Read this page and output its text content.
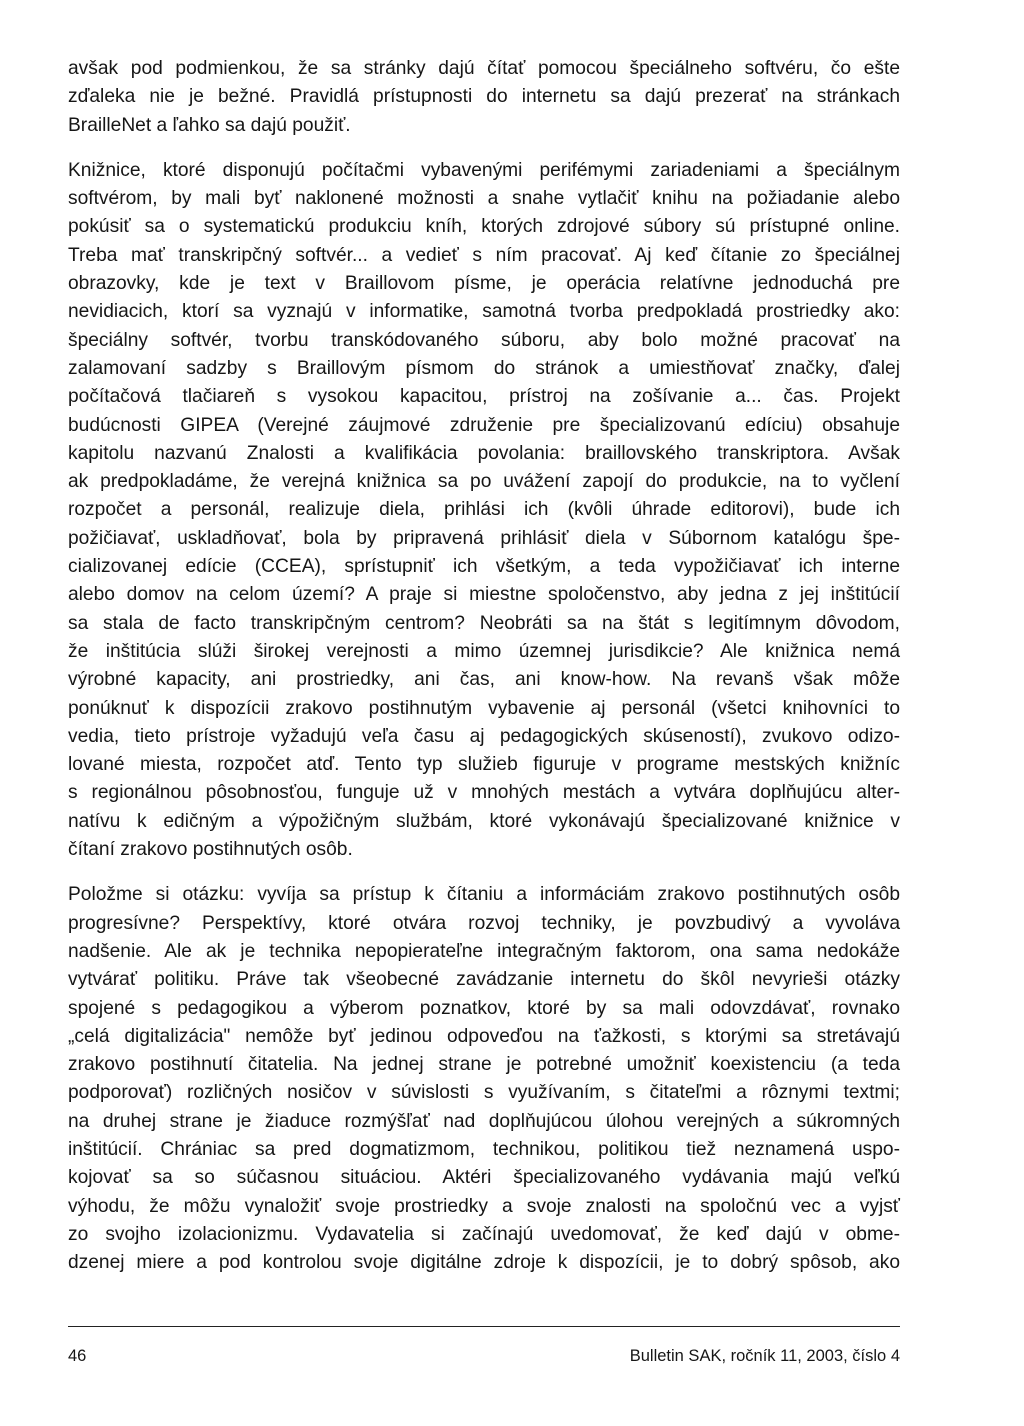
avšak pod podmienkou, že sa stránky dajú čítať pomocou špeciálneho softvéru, čo ešte
zďaleka nie je bežné. Pravidlá prístupnosti do internetu sa dajú prezerať na stránkach
BrailleNet a ľahko sa dajú použiť.

Knižnice, ktoré disponujú počítačmi vybavenými perifémymi zariadeniami a špeciálnym
softvérom, by mali byť naklonené možnosti a snahe vytlačiť knihu na požiadanie alebo
pokúsiť sa o systematickú produkciu kníh, ktorých zdrojové súbory sú prístupné online.
Treba mať transkripčný softvér... a vedieť s ním pracovať. Aj keď čítanie zo špeciálnej
obrazovky, kde je text v Braillovom písme, je operácia relatívne jednoduchá pre
nevidiacich, ktorí sa vyznajú v informatike, samotná tvorba predpokladá prostriedky ako:
špeciálny softvér, tvorbu transkódovaného súboru, aby bolo možné pracovať na
zalamovaní sadzby s Braillovým písmom do stránok a umiestňovať značky, ďalej
počítačová tlačiareň s vysokou kapacitou, prístroj na zošívanie a... čas. Projekt
budúcnosti GIPEA (Verejné záujmové združenie pre špecializovanú edíciu) obsahuje
kapitolu nazvanú Znalosti a kvalifikácia povolania: braillovského transkriptora. Avšak
ak predpokladáme, že verejná knižnica sa po uvážení zapojí do produkcie, na to vyčlení
rozpočet a personál, realizuje diela, prihlási ich (kvôli úhrade editorovi), bude ich
požičiavať, uskladňovať, bola by pripravená prihlásiť diela v Súbornom katalógu špe-
cializovanej edície (CCEA), sprístupniť ich všetkým, a teda vypožičiavať ich interne
alebo domov na celom území? A praje si miestne spoločenstvo, aby jedna z jej inštitúcií
sa stala de facto transkripčným centrom? Neobráti sa na štát s legitímnym dôvodom,
že inštitúcia slúži širokej verejnosti a mimo územnej jurisdikcie? Ale knižnica nemá
výrobné kapacity, ani prostriedky, ani čas, ani know-how. Na revanš však môže
ponúknuť k dispozícii zrakovo postihnutým vybavenie aj personál (všetci knihovníci to
vedia, tieto prístroje vyžadujú veľa času aj pedagogických skúseností), zvukovo odizo-
lované miesta, rozpočet atď. Tento typ služieb figuruje v programe mestských knižníc
s regionálnou pôsobnosťou, funguje už v mnohých mestách a vytvára doplňujúcu alter-
natívu k edičným a výpožičným službám, ktoré vykonávajú špecializované knižnice v
čítaní zrakovo postihnutých osôb.

Položme si otázku: vyvíja sa prístup k čítaniu a informáciám zrakovo postihnutých osôb
progresívne? Perspektívy, ktoré otvára rozvoj techniky, je povzbudivý a vyvoláva
nadšenie. Ale ak je technika nepopierateľne integračným faktorom, ona sama nedokáže
vytvárať politiku. Práve tak všeobecné zavádzanie internetu do škôl nevyrieši otázky
spojené s pedagogikou a výberom poznatkov, ktoré by sa mali odovzdávať, rovnako
„celá digitalizácia" nemôže byť jedinou odpoveďou na ťažkosti, s ktorými sa stretávajú
zrakovo postihnutí čitatelia. Na jednej strane je potrebné umožniť koexistenciu (a teda
podporovať) rozličných nosičov v súvislosti s využívaním, s čitateľmi a rôznymi textmi;
na druhej strane je žiaduce rozmýšľať nad doplňujúcou úlohou verejných a súkromných
inštitúcií. Chrániac sa pred dogmatizmom, technikou, politikou tiež neznamená uspo-
kojovať sa so súčasnou situáciou. Aktéri špecializovaného vydávania majú veľkú
výhodu, že môžu vynaložiť svoje prostriedky a svoje znalosti na spoločnú vec a vyjsť
zo svojho izolacionizmu. Vydavatelia si začínajú uvedomovať, že keď dajú v obme-
dzenej miere a pod kontrolou svoje digitálne zdroje k dispozícii, je to dobrý spôsob, ako

46	Bulletin SAK, ročník 11, 2003, číslo 4
